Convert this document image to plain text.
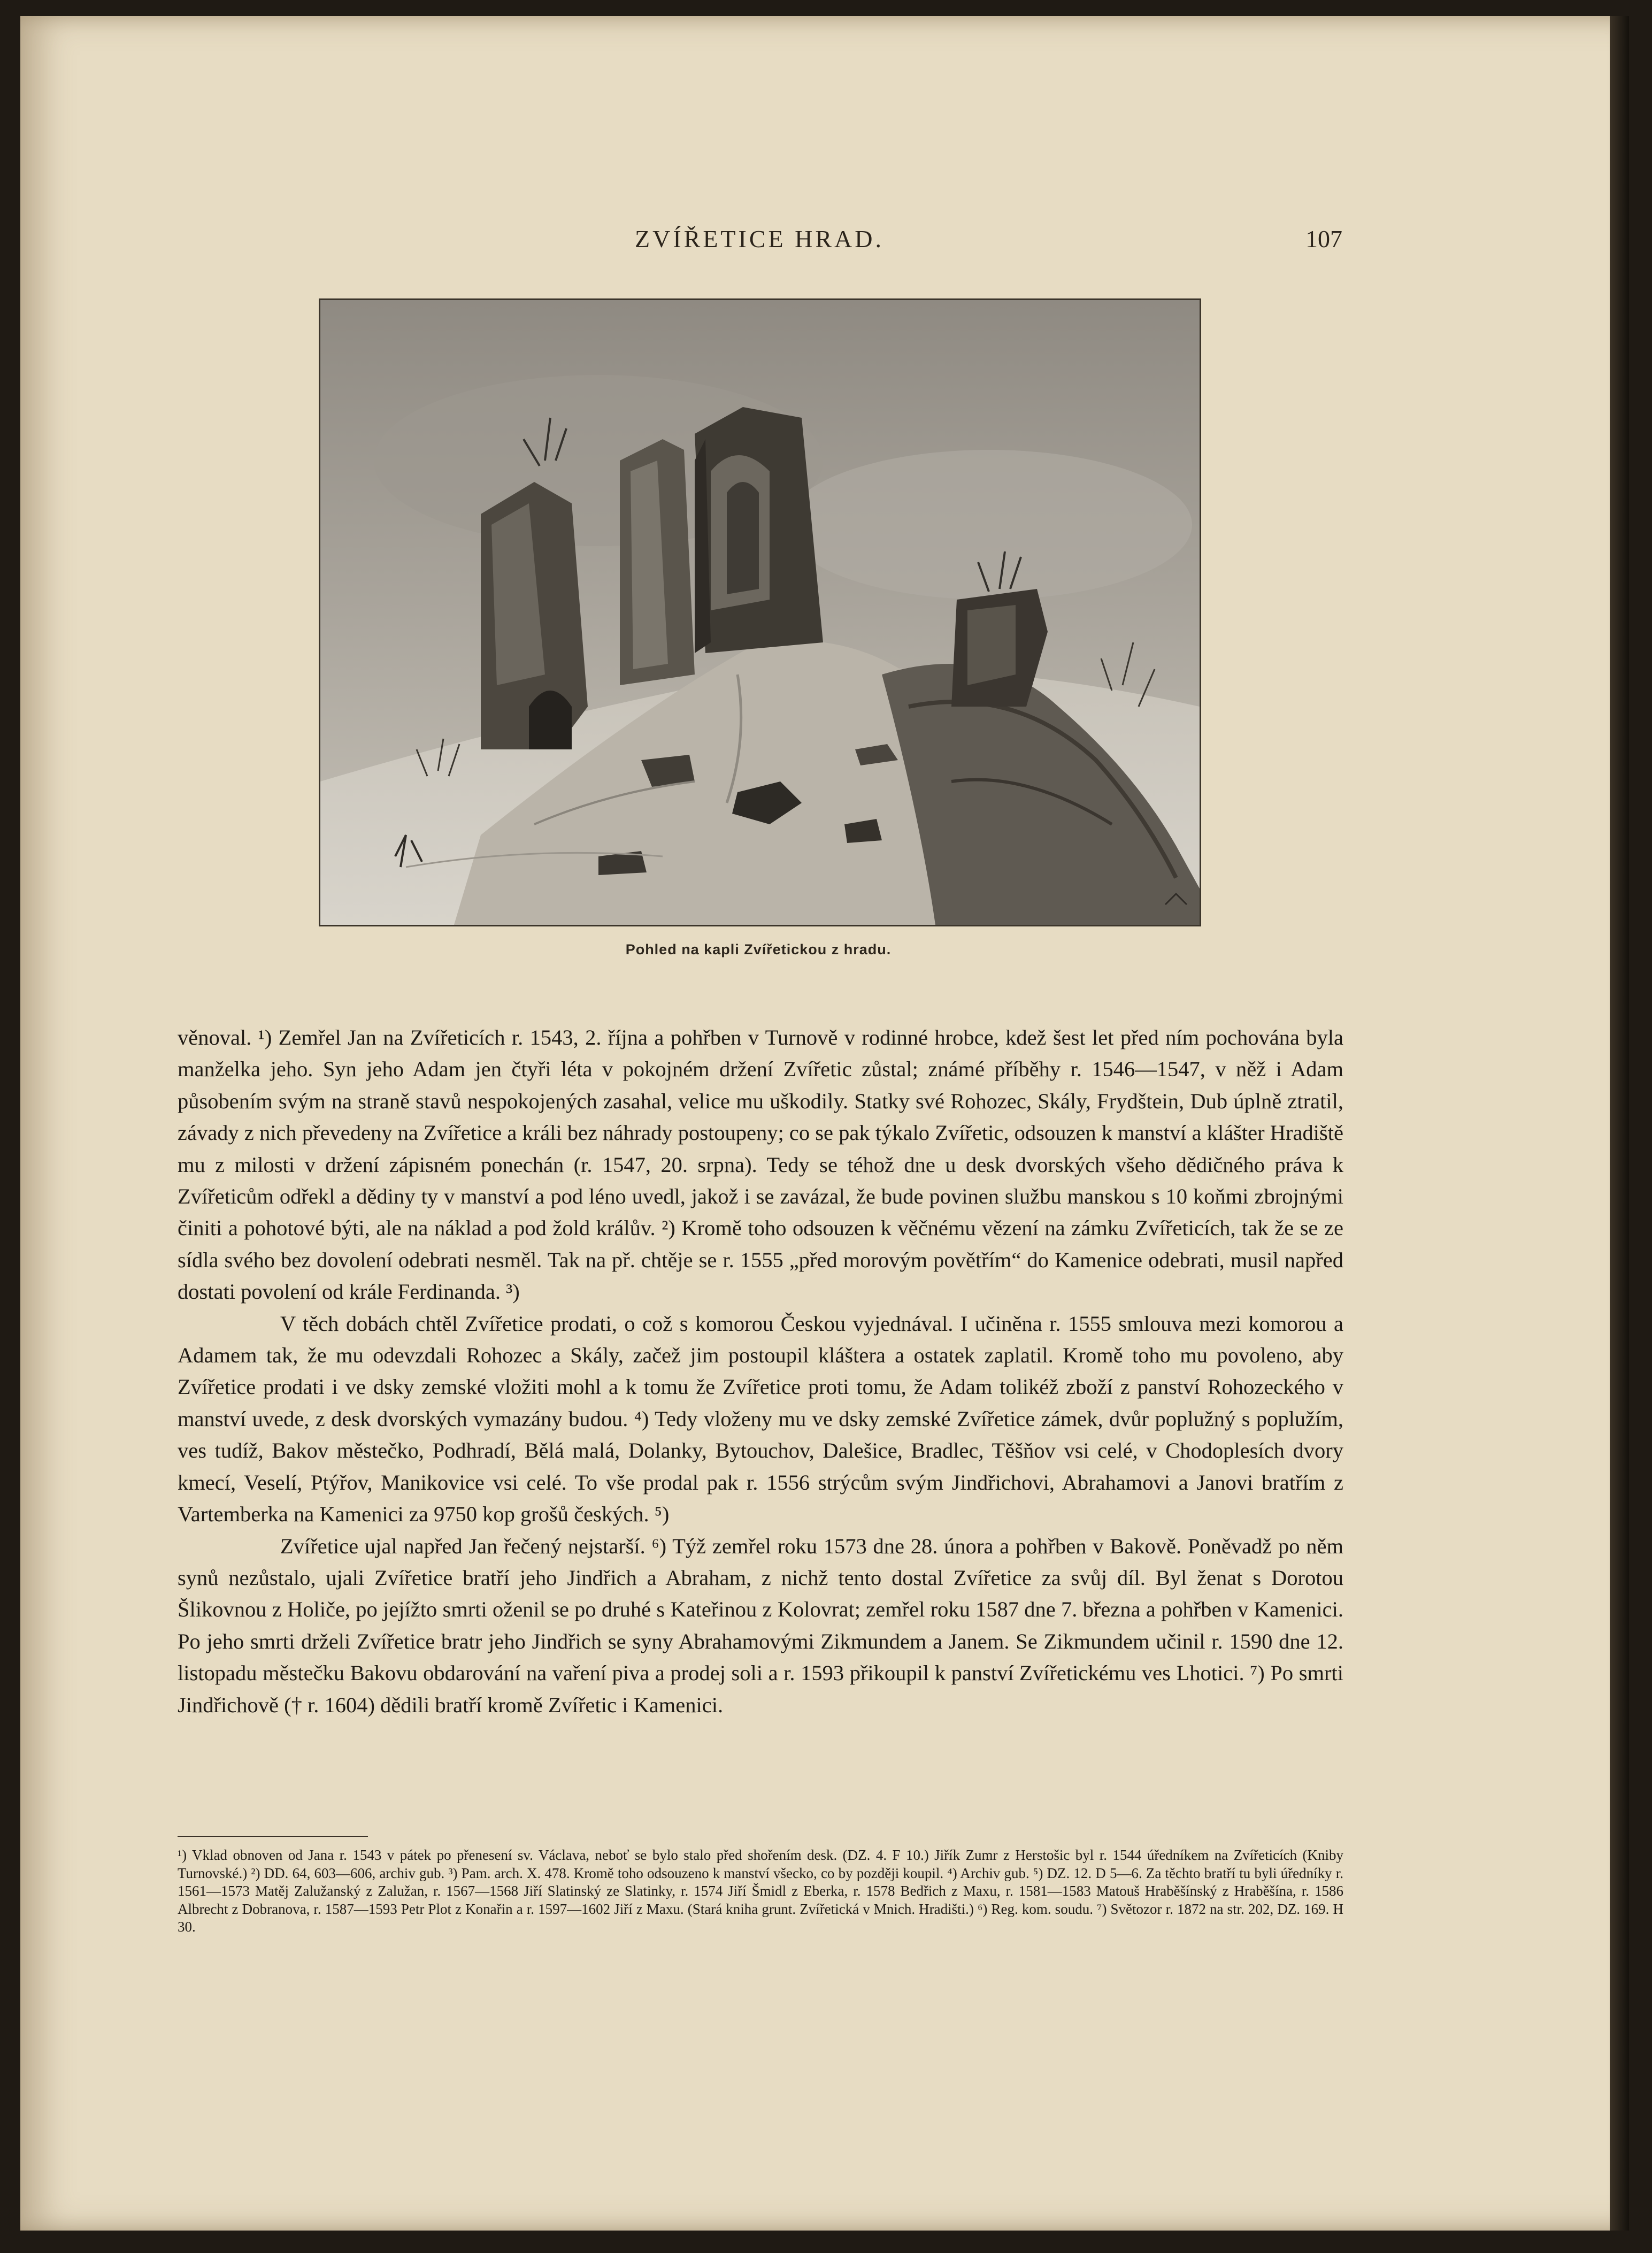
ZVÍŘETICE HRAD.	107
Pohled na kapli Zvířetickou z hradu.

věnoval. ¹) Zemřel Jan na Zvířeticích r. 1543, 2. října a pohřben v Turnově v rodinné hrobce, kdež šest let před ním pochována byla manželka jeho. Syn jeho Adam jen čtyři léta v pokojném držení Zvířetic zůstal; známé příběhy r. 1546—1547, v něž i Adam působením svým na straně stavů nespokojených zasahal, velice mu uškodily. Statky své Rohozec, Skály, Frydštein, Dub úplně ztratil, závady z nich převedeny na Zvířetice a králi bez náhrady postoupeny; co se pak týkalo Zvířetic, odsouzen k manství a klášter Hradiště mu z milosti v držení zápisném ponechán (r. 1547, 20. srpna). Tedy se téhož dne u desk dvorských všeho dědičného práva k Zvířeticům odřekl a dědiny ty v manství a pod léno uvedl, jakož i se zavázal, že bude povinen službu manskou s 10 koňmi zbrojnými činiti a pohotové býti, ale na náklad a pod žold králův. ²) Kromě toho odsouzen k věčnému vězení na zámku Zvířeticích, tak že se ze sídla svého bez dovolení odebrati nesměl. Tak na př. chtěje se r. 1555 „před morovým povětřím“ do Kamenice odebrati, musil napřed dostati povolení od krále Ferdinanda. ³)

V těch dobách chtěl Zvířetice prodati, o což s komorou Českou vyjednával. I učiněna r. 1555 smlouva mezi komorou a Adamem tak, že mu odevzdali Rohozec a Skály, začež jim postoupil kláštera a ostatek zaplatil. Kromě toho mu povoleno, aby Zvířetice prodati i ve dsky zemské vložiti mohl a k tomu že Zvířetice proti tomu, že Adam tolikéž zboží z panství Rohozeckého v manství uvede, z desk dvorských vymazány budou. ⁴) Tedy vloženy mu ve dsky zemské Zvířetice zámek, dvůr poplužný s poplužím, ves tudíž, Bakov městečko, Podhradí, Bělá malá, Dolanky, Bytouchov, Dalešice, Bradlec, Těšňov vsi celé, v Chodoplesích dvory kmecí, Veselí, Ptýřov, Manikovice vsi celé. To vše prodal pak r. 1556 strýcům svým Jindřichovi, Abrahamovi a Janovi bratřím z Vartemberka na Kamenici za 9750 kop grošů českých. ⁵)

Zvířetice ujal napřed Jan řečený nejstarší. ⁶) Týž zemřel roku 1573 dne 28. února a pohřben v Bakově. Poněvadž po něm synů nezůstalo, ujali Zvířetice bratří jeho Jindřich a Abraham, z nichž tento dostal Zvířetice za svůj díl. Byl ženat s Dorotou Šlikovnou z Holiče, po jejížto smrti oženil se po druhé s Kateřinou z Kolovrat; zemřel roku 1587 dne 7. března a pohřben v Kamenici. Po jeho smrti drželi Zvířetice bratr jeho Jindřich se syny Abrahamovými Zikmundem a Janem. Se Zikmundem učinil r. 1590 dne 12. listopadu městečku Bakovu obdarování na vaření piva a prodej soli a r. 1593 přikoupil k panství Zvířetickému ves Lhotici. ⁷) Po smrti Jindřichově († r. 1604) dědili bratří kromě Zvířetic i Kamenici.

¹) Vklad obnoven od Jana r. 1543 v pátek po přenesení sv. Václava, neboť se bylo stalo před shořením desk. (DZ. 4. F 10.) Jiřík Zumr z Herstošic byl r. 1544 úředníkem na Zvířeticích (Kniby Turnovské.) ²) DD. 64, 603—606, archiv gub. ³) Pam. arch. X. 478. Kromě toho odsouzeno k manství všecko, co by později koupil. ⁴) Archiv gub. ⁵) DZ. 12. D 5—6. Za těchto bratří tu byli úředníky r. 1561—1573 Matěj Zalužanský z Zalužan, r. 1567—1568 Jiří Slatinský ze Slatinky, r. 1574 Jiří Šmidl z Eberka, r. 1578 Bedřich z Maxu, r. 1581—1583 Matouš Hraběšínský z Hraběšína, r. 1586 Albrecht z Dobranova, r. 1587—1593 Petr Plot z Konařin a r. 1597—1602 Jiří z Maxu. (Stará kniha grunt. Zvířetická v Mnich. Hradišti.) ⁶) Reg. kom. soudu. ⁷) Světozor r. 1872 na str. 202, DZ. 169. H 30.
